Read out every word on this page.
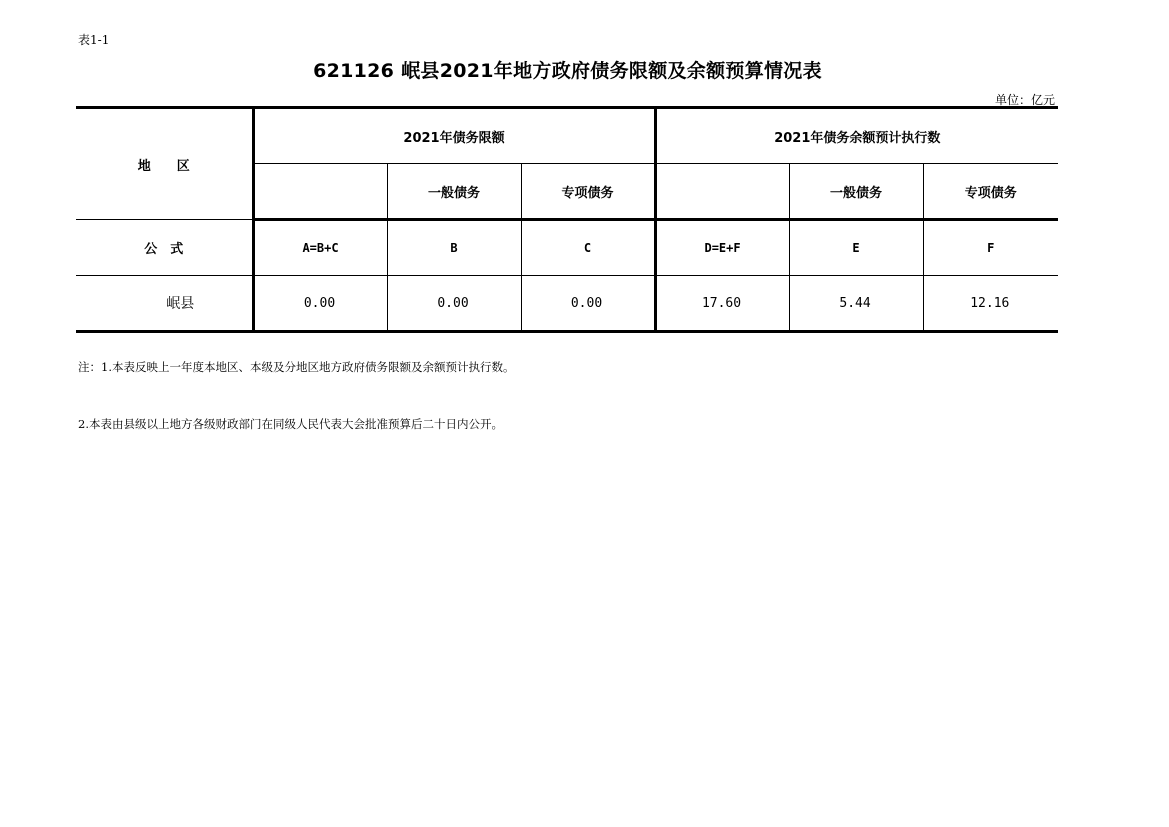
表1-1
621126 岷县2021年地方政府债务限额及余额预算情况表
单位：亿元
地　　区	2021年债务限额			2021年债务余额预计执行数		
		一般债务	专项债务		一般债务	专项债务
公　式	A=B+C	B	C	D=E+F	E	F
岷县	0.00	0.00	0.00	17.60	5.44	12.16
注：1.本表反映上一年度本地区、本级及分地区地方政府债务限额及余额预计执行数。
2.本表由县级以上地方各级财政部门在同级人民代表大会批准预算后二十日内公开。
